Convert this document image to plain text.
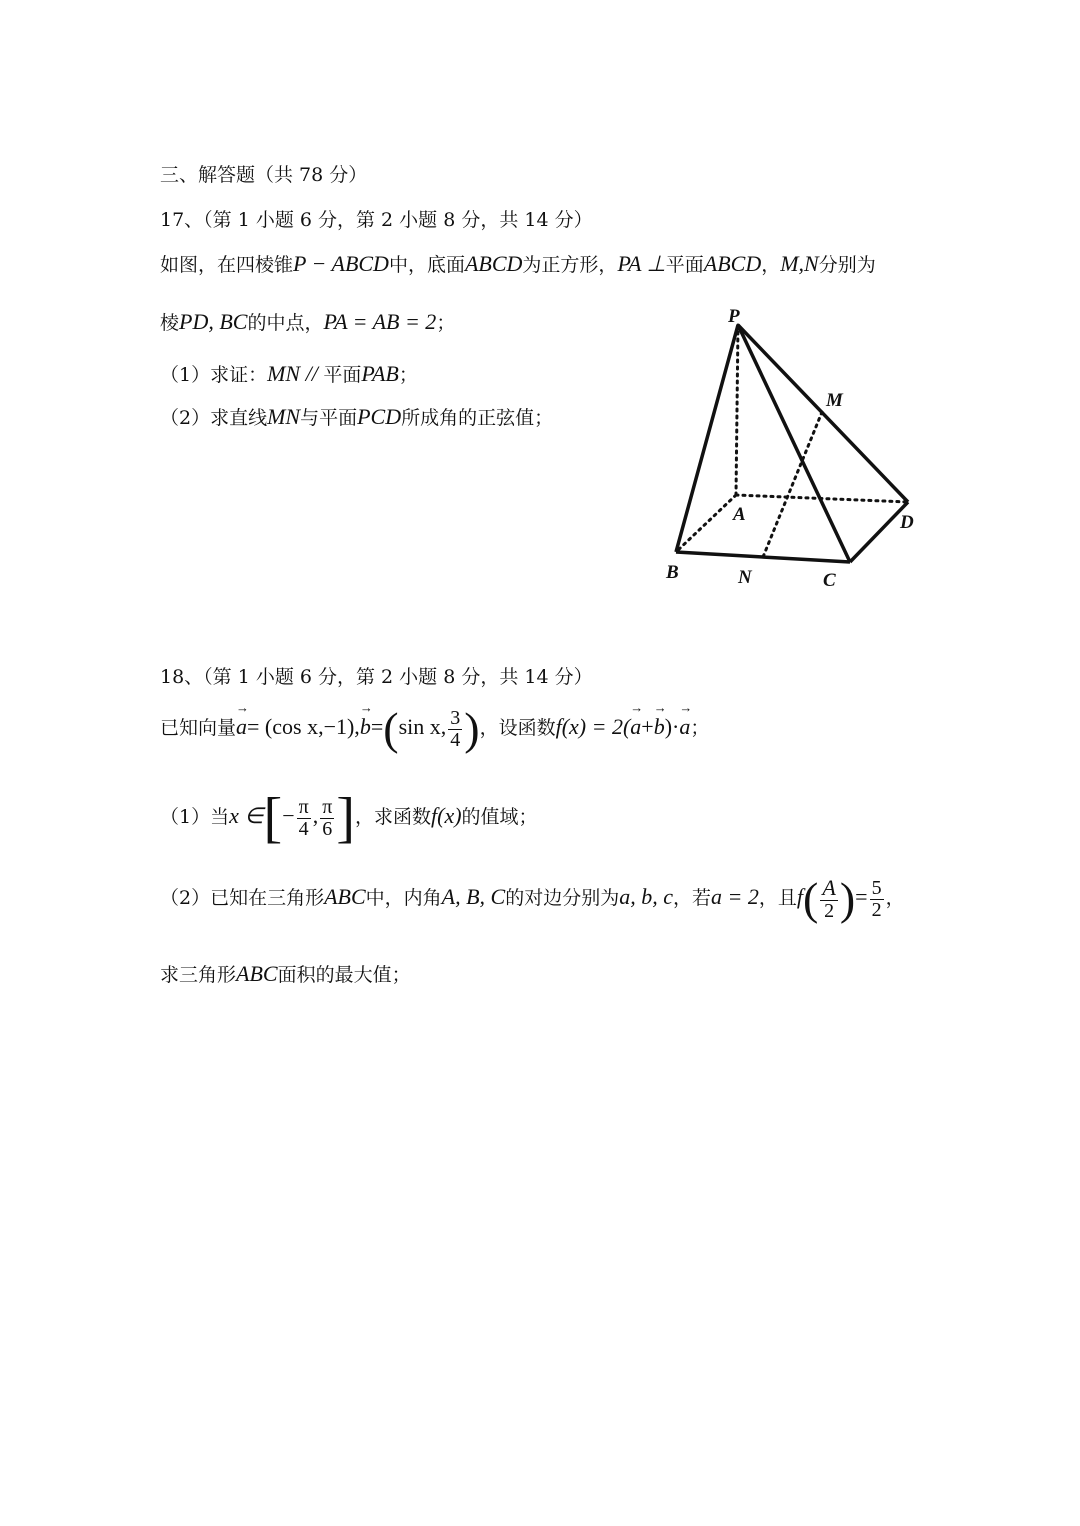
三、解答题（共 78 分）
17、（第 1 小题 6 分，第 2 小题 8 分，共 14 分）
如图，在四棱锥P − ABCD中，底面ABCD为正方形，PA ⊥平面ABCD，M,N分别为
棱PD, BC的中点，PA = AB = 2；
（1）求证：MN // 平面PAB；
（2）求直线MN与平面PCD所成角的正弦值；
P
M
A	D
B	N	C
18、（第 1 小题 6 分，第 2 小题 8 分，共 14 分）
已知向量→ a= (cos x,−1),→ b=(sin x, $\frac{3}{4}$ )，设函数f(x) = 2(→ a+→ b)·→ a；
（1）当x ∈[− $\frac{\pi}{4}$ , $\frac{\pi}{6}$ ]，求函数f(x)的值域；
（2）已知在三角形ABC中，内角A, B, C的对边分别为a, b, c，若a = 2，且$f( \frac{A}{2}$ )= $\frac{5}{2}$ ，
求三角形ABC面积的最大值；
